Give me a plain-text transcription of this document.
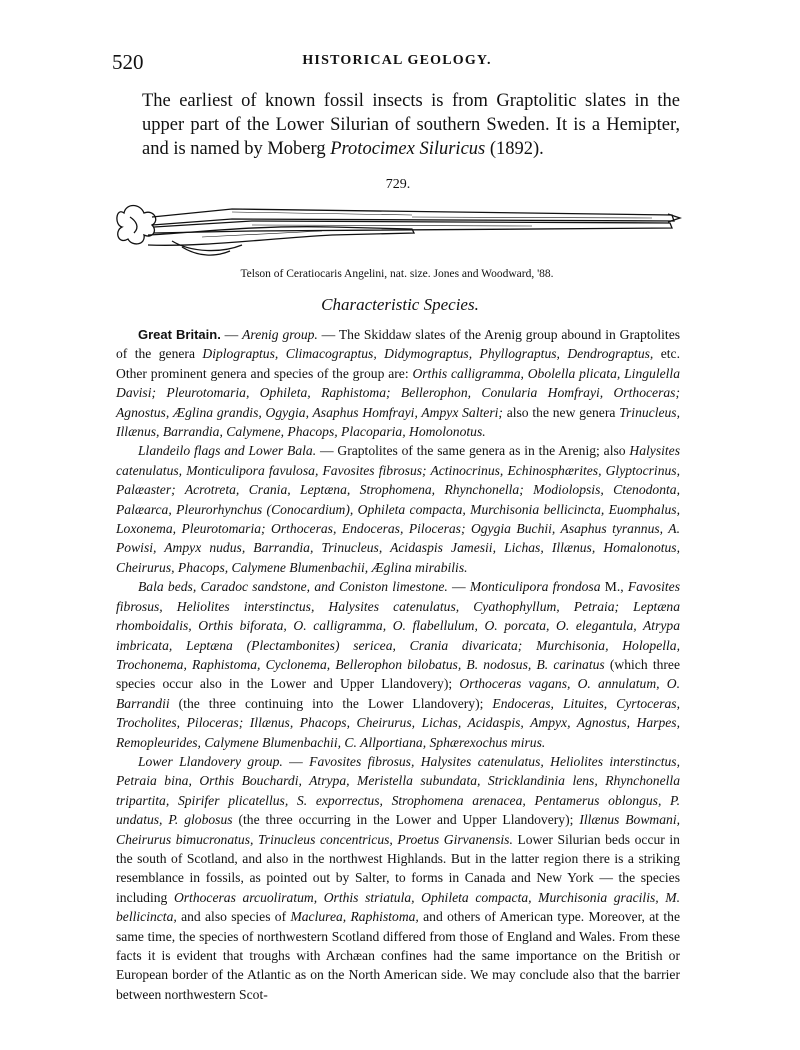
520	HISTORICAL GEOLOGY.

The earliest of known fossil insects is from Graptolitic slates in the upper part of the Lower Silurian of southern Sweden. It is a Hemipter, and is named by Moberg Protocimex Siluricus (1892).

729.
Telson of Ceratiocaris Angelini, nat. size. Jones and Woodward, '88.
Characteristic Species.

Great Britain. — Arenig group. — The Skiddaw slates of the Arenig group abound in Graptolites of the genera Diplograptus, Climacograptus, Didymograptus, Phyllograptus, Dendrograptus, etc. Other prominent genera and species of the group are: Orthis calligramma, Obolella plicata, Lingulella Davisi; Pleurotomaria, Ophileta, Raphistoma; Bellerophon, Conularia Homfrayi, Orthoceras; Agnostus, Æglina grandis, Ogygia, Asaphus Homfrayi, Ampyx Salteri; also the new genera Trinucleus, Illænus, Barrandia, Calymene, Phacops, Placoparia, Homolonotus.

Llandeilo flags and Lower Bala. — Graptolites of the same genera as in the Arenig; also Halysites catenulatus, Monticulipora favulosa, Favosites fibrosus; Actinocrinus, Echinosphærites, Glyptocrinus, Palæaster; Acrotreta, Crania, Leptæna, Strophomena, Rhynchonella; Modiolopsis, Ctenodonta, Palæarca, Pleurorhynchus (Conocardium), Ophileta compacta, Murchisonia bellicincta, Euomphalus, Loxonema, Pleurotomaria; Orthoceras, Endoceras, Piloceras; Ogygia Buchii, Asaphus tyrannus, A. Powisi, Ampyx nudus, Barrandia, Trinucleus, Acidaspis Jamesii, Lichas, Illænus, Homalonotus, Cheirurus, Phacops, Calymene Blumenbachii, Æglina mirabilis.

Bala beds, Caradoc sandstone, and Coniston limestone. — Monticulipora frondosa M., Favosites fibrosus, Heliolites interstinctus, Halysites catenulatus, Cyathophyllum, Petraia; Leptæna rhomboidalis, Orthis biforata, O. calligramma, O. flabellulum, O. porcata, O. elegantula, Atrypa imbricata, Leptæna (Plectambonites) sericea, Crania divaricata; Murchisonia, Holopella, Trochonema, Raphistoma, Cyclonema, Bellerophon bilobatus, B. nodosus, B. carinatus (which three species occur also in the Lower and Upper Llandovery); Orthoceras vagans, O. annulatum, O. Barrandii (the three continuing into the Lower Llandovery); Endoceras, Lituites, Cyrtoceras, Trocholites, Piloceras; Illænus, Phacops, Cheirurus, Lichas, Acidaspis, Ampyx, Agnostus, Harpes, Remopleurides, Calymene Blumenbachii, C. Allportiana, Sphærexochus mirus.

Lower Llandovery group. — Favosites fibrosus, Halysites catenulatus, Heliolites interstinctus, Petraia bina, Orthis Bouchardi, Atrypa, Meristella subundata, Stricklandinia lens, Rhynchonella tripartita, Spirifer plicatellus, S. exporrectus, Strophomena arenacea, Pentamerus oblongus, P. undatus, P. globosus (the three occurring in the Lower and Upper Llandovery); Illænus Bowmani, Cheirurus bimucronatus, Trinucleus concentricus, Proetus Girvanensis. Lower Silurian beds occur in the south of Scotland, and also in the northwest Highlands. But in the latter region there is a striking resemblance in fossils, as pointed out by Salter, to forms in Canada and New York — the species including Orthoceras arcuoliratum, Orthis striatula, Ophileta compacta, Murchisonia gracilis, M. bellicincta, and also species of Maclurea, Raphistoma, and others of American type. Moreover, at the same time, the species of northwestern Scotland differed from those of England and Wales. From these facts it is evident that troughs with Archæan confines had the same importance on the British or European border of the Atlantic as on the North American side. We may conclude also that the barrier between northwestern Scot-
